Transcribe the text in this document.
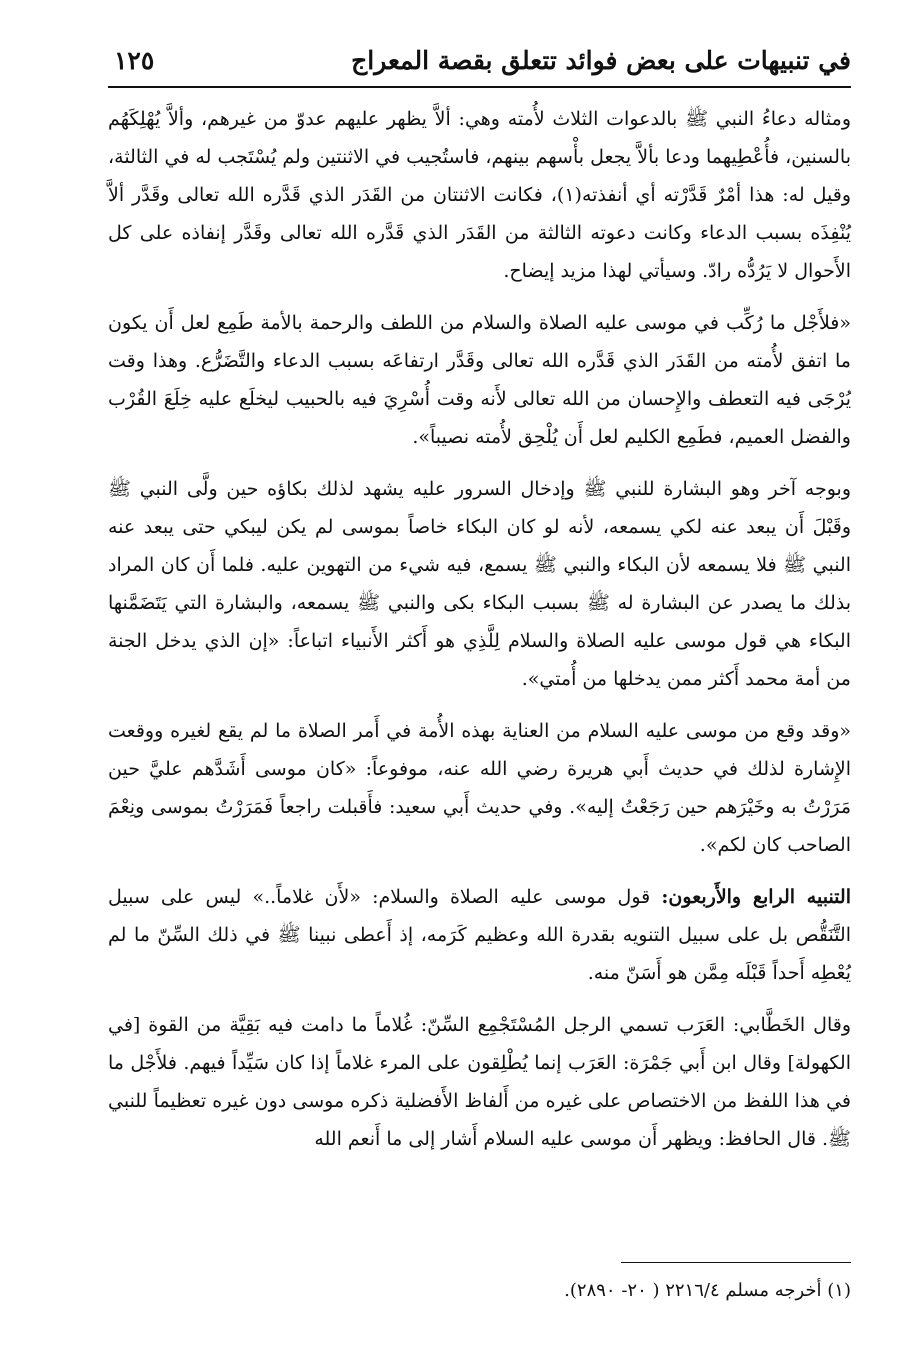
في تنبيهات على بعض فوائد تتعلق بقصة المعراج
١٢٥

ومثاله دعاءُ النبي ﷺ بالدعوات الثلاث لأُمته وهي: ألاَّ يظهر عليهم عدوّ من غيرهم، وألاَّ يُهْلِكَهُم بالسنين، فأُعْطِيهما ودعا بألاَّ يجعل بأْسهم بينهم، فاستُجيب في الاثنتين ولم يُسْتَجب له في الثالثة، وقيل له: هذا أمْرٌ قَدَّرْته أي أنفذته(١)، فكانت الاثنتان من القَدَر الذي قَدَّره الله تعالى وقَدَّر ألاَّ يُنْفِذَه بسبب الدعاء وكانت دعوته الثالثة من القَدَر الذي قَدَّره الله تعالى وقَدَّر إنفاذه على كل الأَحوال لا يَرُدُّه رادّ. وسيأتي لهذا مزيد إيضاح.

«فلأَجْل ما رُكِّب في موسى عليه الصلاة والسلام من اللطف والرحمة بالأمة طَمِع لعل أَن يكون ما اتفق لأُمته من القَدَر الذي قَدَّره الله تعالى وقَدَّر ارتفاعَه بسبب الدعاء والتَّضَرُّع. وهذا وقت يُرْجَى فيه التعطف والإِحسان من الله تعالى لأَنه وقت أُسْرِيَ فيه بالحبيب ليخلَع عليه خِلَعَ القُرْب والفضل العميم، فطَمِع الكليم لعل أَن يُلْحِق لأُمته نصيباً».

وبوجه آخر وهو البشارة للنبي ﷺ وإدخال السرور عليه يشهد لذلك بكاؤه حين ولَّى النبي ﷺ وقَبْلَ أَن يبعد عنه لكي يسمعه، لأنه لو كان البكاء خاصاً بموسى لم يكن ليبكي حتى يبعد عنه النبي ﷺ فلا يسمعه لأن البكاء والنبي ﷺ يسمع، فيه شيء من التهوين عليه. فلما أَن كان المراد بذلك ما يصدر عن البشارة له ﷺ بسبب البكاء بكى والنبي ﷺ يسمعه، والبشارة التي يَتَضَمَّنها البكاء هي قول موسى عليه الصلاة والسلام لِلَّذِي هو أَكثر الأَنبياء اتباعاً: «إن الذي يدخل الجنة من أمة محمد أَكثر ممن يدخلها من أُمتي».

«وقد وقع من موسى عليه السلام من العناية بهذه الأُمة في أَمر الصلاة ما لم يقع لغيره ووقعت الإِشارة لذلك في حديث أَبي هريرة رضي الله عنه، موفوعاً: «كان موسى أَشَدَّهم عليَّ حين مَرَرْتُ به وخَيْرَهم حين رَجَعْتُ إليه». وفي حديث أَبي سعيد: فأَقبلت راجعاً فَمَرَرْتُ بموسى ونِعْمَ الصاحب كان لكم».

التنبيه الرابع والأَربعون: قول موسى عليه الصلاة والسلام: «لأَن غلاماً..» ليس على سبيل التَّنَقُّص بل على سبيل التنويه بقدرة الله وعظيم كَرَمه، إذ أَعطى نبينا ﷺ في ذلك السِّنّ ما لم يُعْطِه أَحداً قَبْلَه مِمَّن هو أَسَنّ منه.

وقال الخَطَّابي: العَرَب تسمي الرجل المُسْتَجْمِع السِّنّ: غُلاماً ما دامت فيه بَقِيَّة من القوة [في الكهولة] وقال ابن أَبي جَمْرَة: العَرَب إنما يُطْلِقون على المرء غلاماً إذا كان سَيِّداً فيهم. فلأَجْل ما في هذا اللفظ من الاختصاص على غيره من أَلفاظ الأَفضلية ذكره موسى دون غيره تعظيماً للنبي ﷺ. قال الحافظ: ويظهر أَن موسى عليه السلام أَشار إلى ما أَنعم الله

(١) أخرجه مسلم ٢٢١٦/٤ ( ٢٠- ٢٨٩٠).
